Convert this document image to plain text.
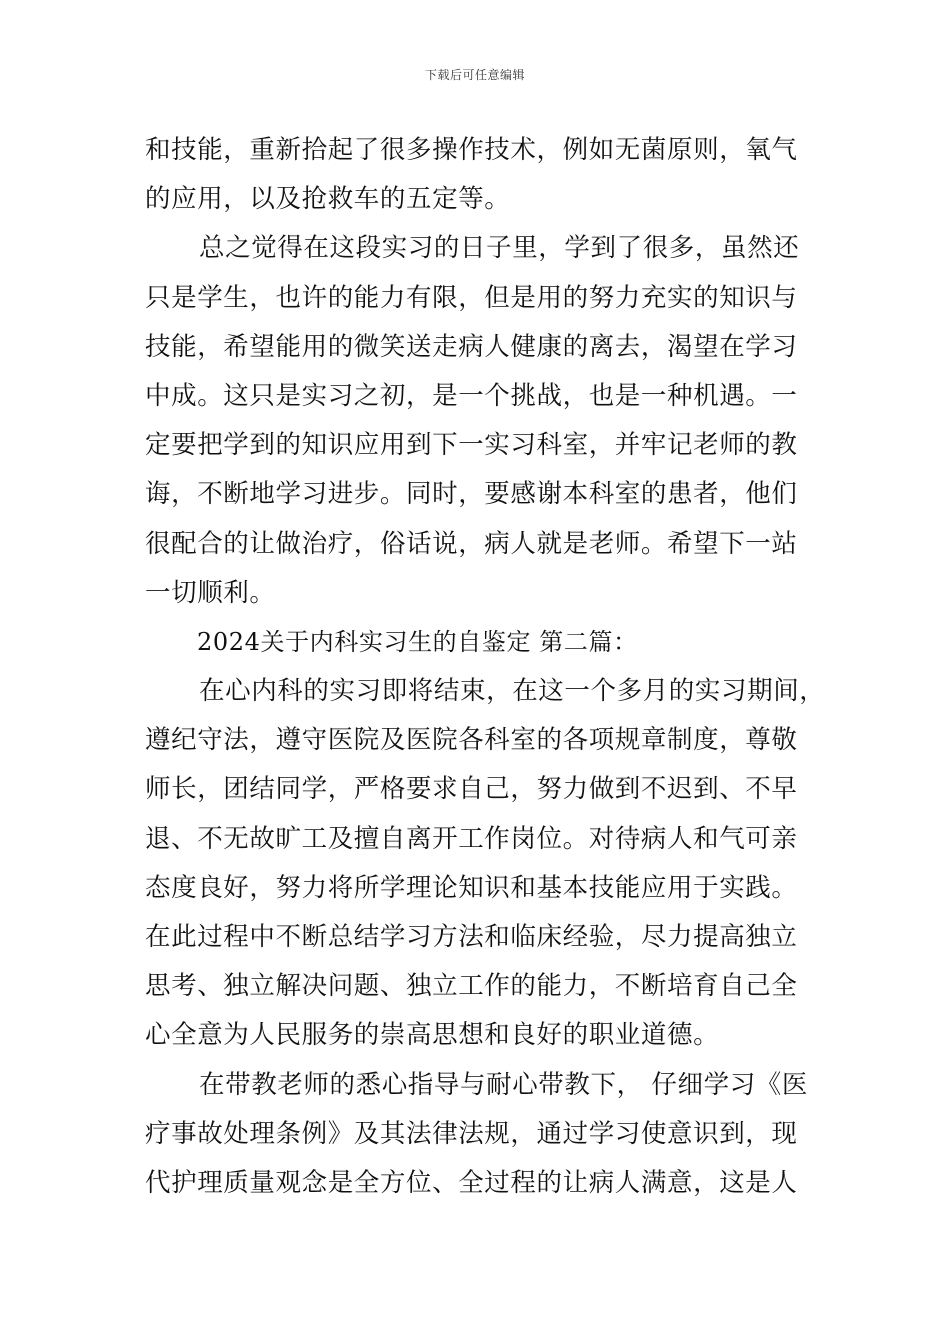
下载后可任意编辑
和技能，重新拾起了很多操作技术，例如无菌原则，氧气
的应用，以及抢救车的五定等。
总之觉得在这段实习的日子里，学到了很多，虽然还
只是学生，也许的能力有限，但是用的努力充实的知识与
技能，希望能用的微笑送走病人健康的离去，渴望在学习
中成。这只是实习之初，是一个挑战，也是一种机遇。一
定要把学到的知识应用到下一实习科室，并牢记老师的教
诲，不断地学习进步。同时，要感谢本科室的患者，他们
很配合的让做治疗，俗话说，病人就是老师。希望下一站
一切顺利。
2024关于内科实习生的自鉴定 第二篇：
在心内科的实习即将结束，在这一个多月的实习期间，
遵纪守法，遵守医院及医院各科室的各项规章制度，尊敬
师长，团结同学，严格要求自己，努力做到不迟到、不早
退、不无故旷工及擅自离开工作岗位。对待病人和气可亲
态度良好，努力将所学理论知识和基本技能应用于实践。
在此过程中不断总结学习方法和临床经验，尽力提高独立
思考、独立解决问题、独立工作的能力，不断培育自己全
心全意为人民服务的崇高思想和良好的职业道德。
在带教老师的悉心指导与耐心带教下， 仔细学习《医
疗事故处理条例》及其法律法规，通过学习使意识到，现
代护理质量观念是全方位、全过程的让病人满意，这是人
